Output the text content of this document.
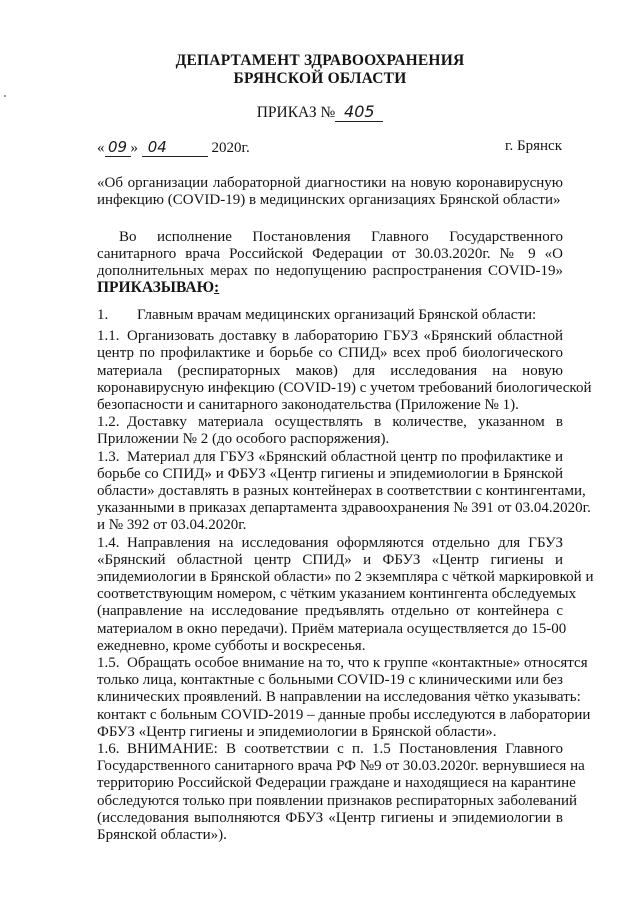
ДЕПАРТАМЕНТ ЗДРАВООХРАНЕНИЯ
БРЯНСКОЙ ОБЛАСТИ
ПРИКАЗ № 405
« 09 » 04	2020г.	г. Брянск
«Об организации лабораторной диагностики на новую коронавирусную
инфекцию (COVID-19) в медицинских организациях Брянской области»
Во исполнение Постановления Главного Государственного
санитарного врача Российской Федерации от 30.03.2020г. № 9 «О
дополнительных мерах по недопущению распространения COVID-19»
ПРИКАЗЫВАЮ:
1. Главным врачам медицинских организаций Брянской области:
1.1. Организовать доставку в лабораторию ГБУЗ «Брянский областной
центр по профилактике и борьбе со СПИД» всех проб биологического
материала (респираторных маков) для исследования на новую
коронавирусную инфекцию (COVID-19) с учетом требований биологической
безопасности и санитарного законодательства (Приложение № 1).
1.2. Доставку материала осуществлять в количестве, указанном в
Приложении № 2 (до особого распоряжения).
1.3. Материал для ГБУЗ «Брянский областной центр по профилактике и
борьбе со СПИД» и ФБУЗ «Центр гигиены и эпидемиологии в Брянской
области» доставлять в разных контейнерах в соответствии с контингентами,
указанными в приказах департамента здравоохранения № 391 от 03.04.2020г.
и № 392 от 03.04.2020г.
1.4. Направления на исследования оформляются отдельно для ГБУЗ
«Брянский областной центр СПИД» и ФБУЗ «Центр гигиены и
эпидемиологии в Брянской области» по 2 экземпляра с чёткой маркировкой и
соответствующим номером, с чётким указанием контингента обследуемых
(направление на исследование предъявлять отдельно от контейнера с
материалом в окно передачи). Приём материала осуществляется до 15-00
ежедневно, кроме субботы и воскресенья.
1.5. Обращать особое внимание на то, что к группе «контактные» относятся
только лица, контактные с больными COVID-19 с клиническими или без
клинических проявлений. В направлении на исследования чётко указывать:
контакт с больным COVID-2019 – данные пробы исследуются в лаборатории
ФБУЗ «Центр гигиены и эпидемиологии в Брянской области».
1.6. ВНИМАНИЕ: В соответствии с п. 1.5 Постановления Главного
Государственного санитарного врача РФ №9 от 30.03.2020г. вернувшиеся на
территорию Российской Федерации граждане и находящиеся на карантине
обследуются только при появлении признаков респираторных заболеваний
(исследования выполняются ФБУЗ «Центр гигиены и эпидемиологии в
Брянской области»).
